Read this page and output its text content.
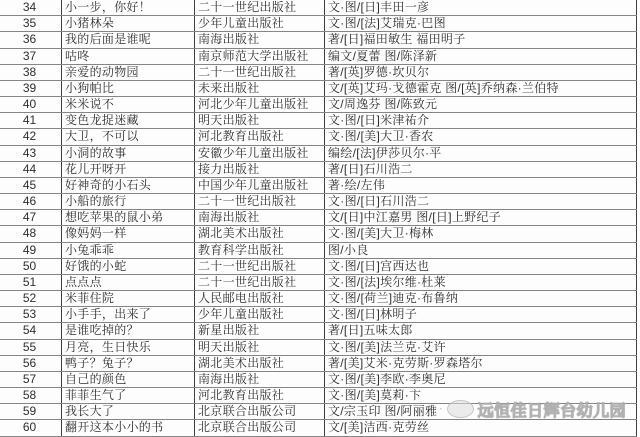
34	小一步，你好！	二十一世纪出版社	文·图/[日]丰田一彦
35	小猪林朵	少年儿童出版社	文·图/[法]艾瑞克·巴图
36	我的后面是谁呢	南海出版社	著/[日]福田敏生 福田明子
37	咕咚	南京师范大学出版社	编文/夏蕾 图/陈泽新
38	亲爱的动物园	二十一世纪出版社	著/[英]罗德·坎贝尔
39	小狗帕比	未来出版社	文/[英]艾玛·戈德霍克 图/[英]乔纳森·兰伯特
40	米米说不	河北少年儿童出版社	文/周逸芬 图/陈致元
41	变色龙捉迷藏	明天出版社	文·图/[日]米津祐介
42	大卫，不可以	河北教育出版社	文·图/[美]大卫·香农
43	小洞的故事	安徽少年儿童出版社	编绘/[法]伊莎贝尔·平
44	花儿开呀开	接力出版社	著/[日]石川浩二
45	好神奇的小石头	中国少年儿童出版社	著·绘/左伟
46	小船的旅行	二十一世纪出版社	文·图/[日]石川浩二
47	想吃苹果的鼠小弟	南海出版社	文/[日]中江嘉男 图/[日]上野纪子
48	像妈妈一样	湖北美术出版社	文·图/[美]大卫·梅林
49	小兔乖乖	教育科学出版社	图/小良
50	好饿的小蛇	二十一世纪出版社	文·图/[日]宫西达也
51	点点点	二十一世纪出版社	文·图/[法]埃尔维·杜莱
52	米菲住院	人民邮电出版社	文·图/[荷兰]迪克·布鲁纳
53	小手手，出来了	少年儿童出版社	文·图/[日]林明子
54	是谁吃掉的？	新星出版社	著/[日]五味太郎
55	月亮，生日快乐	明天出版社	文·图/[美]法兰克·艾许
56	鸭子？兔子？	湖北美术出版社	著/[美]艾米·克劳斯·罗森塔尔
57	自己的颜色	南海出版社	文·图/[美]李欧·李奥尼
58	菲菲生气了	河北教育出版社	文·图/[美]莫莉·卞
59	我长大了	北京联合出版公司	文/宗玉印 图/阿丽雅
60	翻开这本小小的书	北京联合出版公司	文/[美]洁西·克劳丝
·· 远恒佳日辉台幼儿园
